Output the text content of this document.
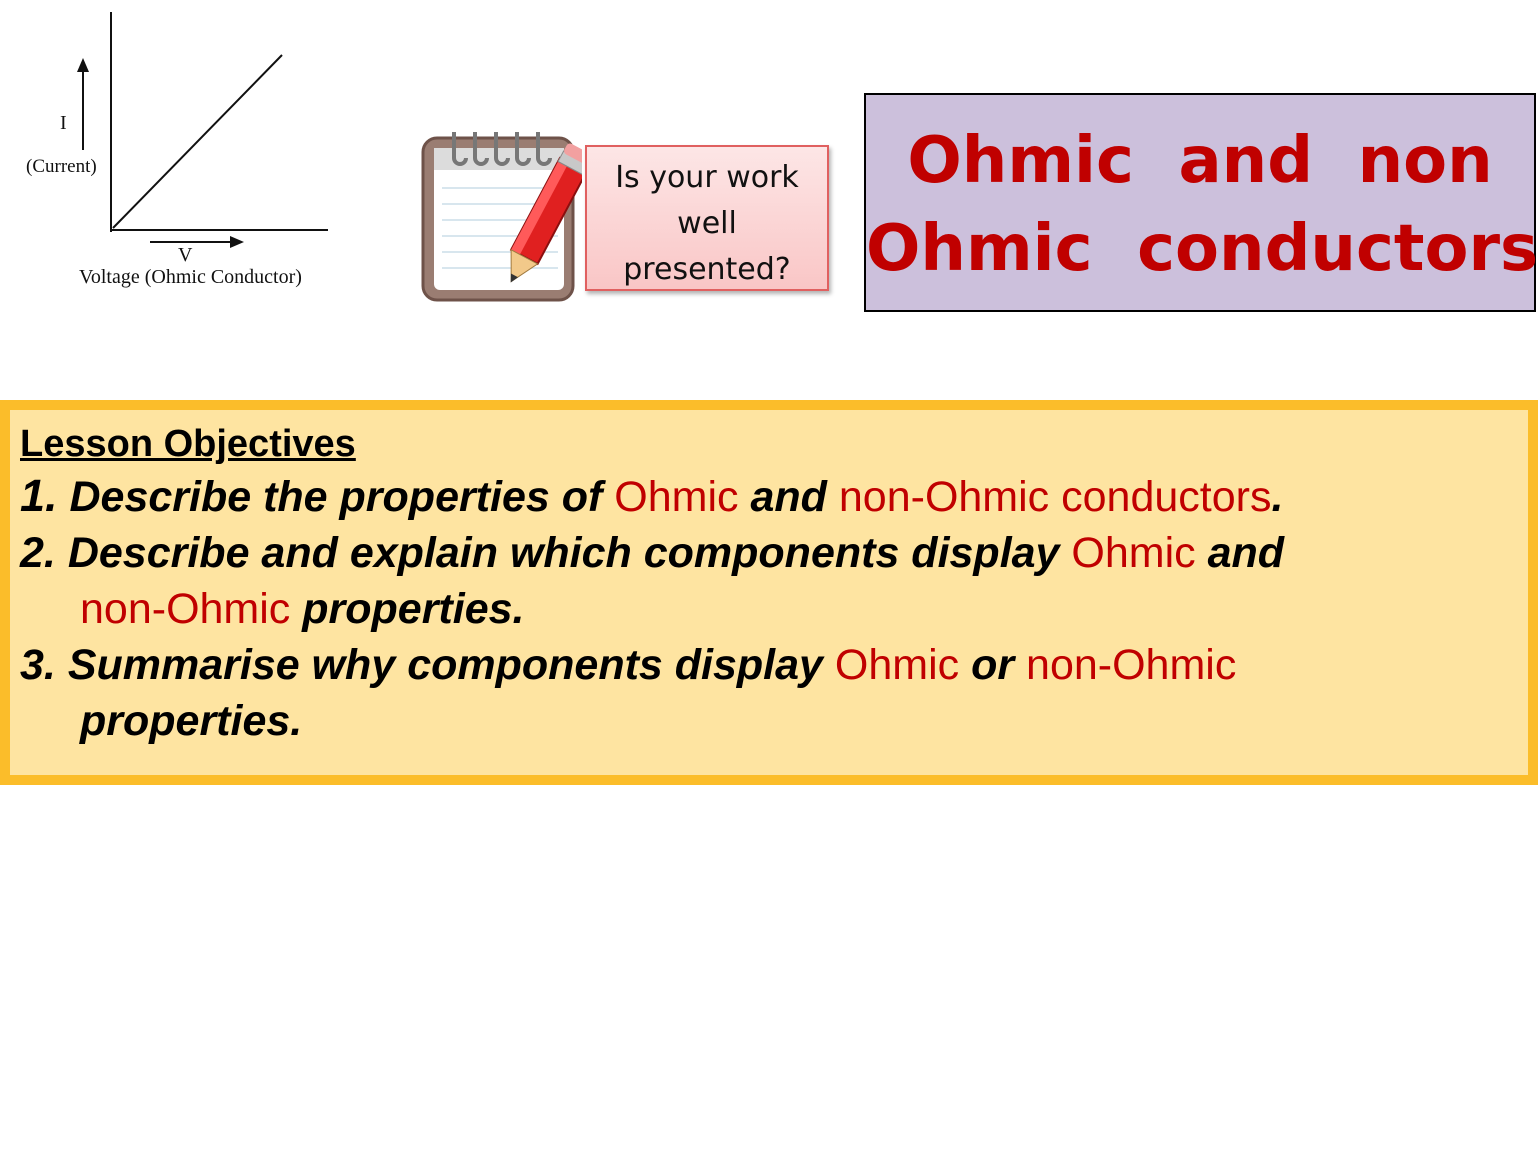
I
(Current)
V
Voltage (Ohmic Conductor)
Is your work
well
presented?
Ohmic  and  non
Ohmic  conductors
Lesson Objectives
1. Describe the properties of Ohmic and non-Ohmic conductors.
2. Describe and explain which components display Ohmic and
non-Ohmic properties.
3. Summarise why components display Ohmic or non-Ohmic
properties.
